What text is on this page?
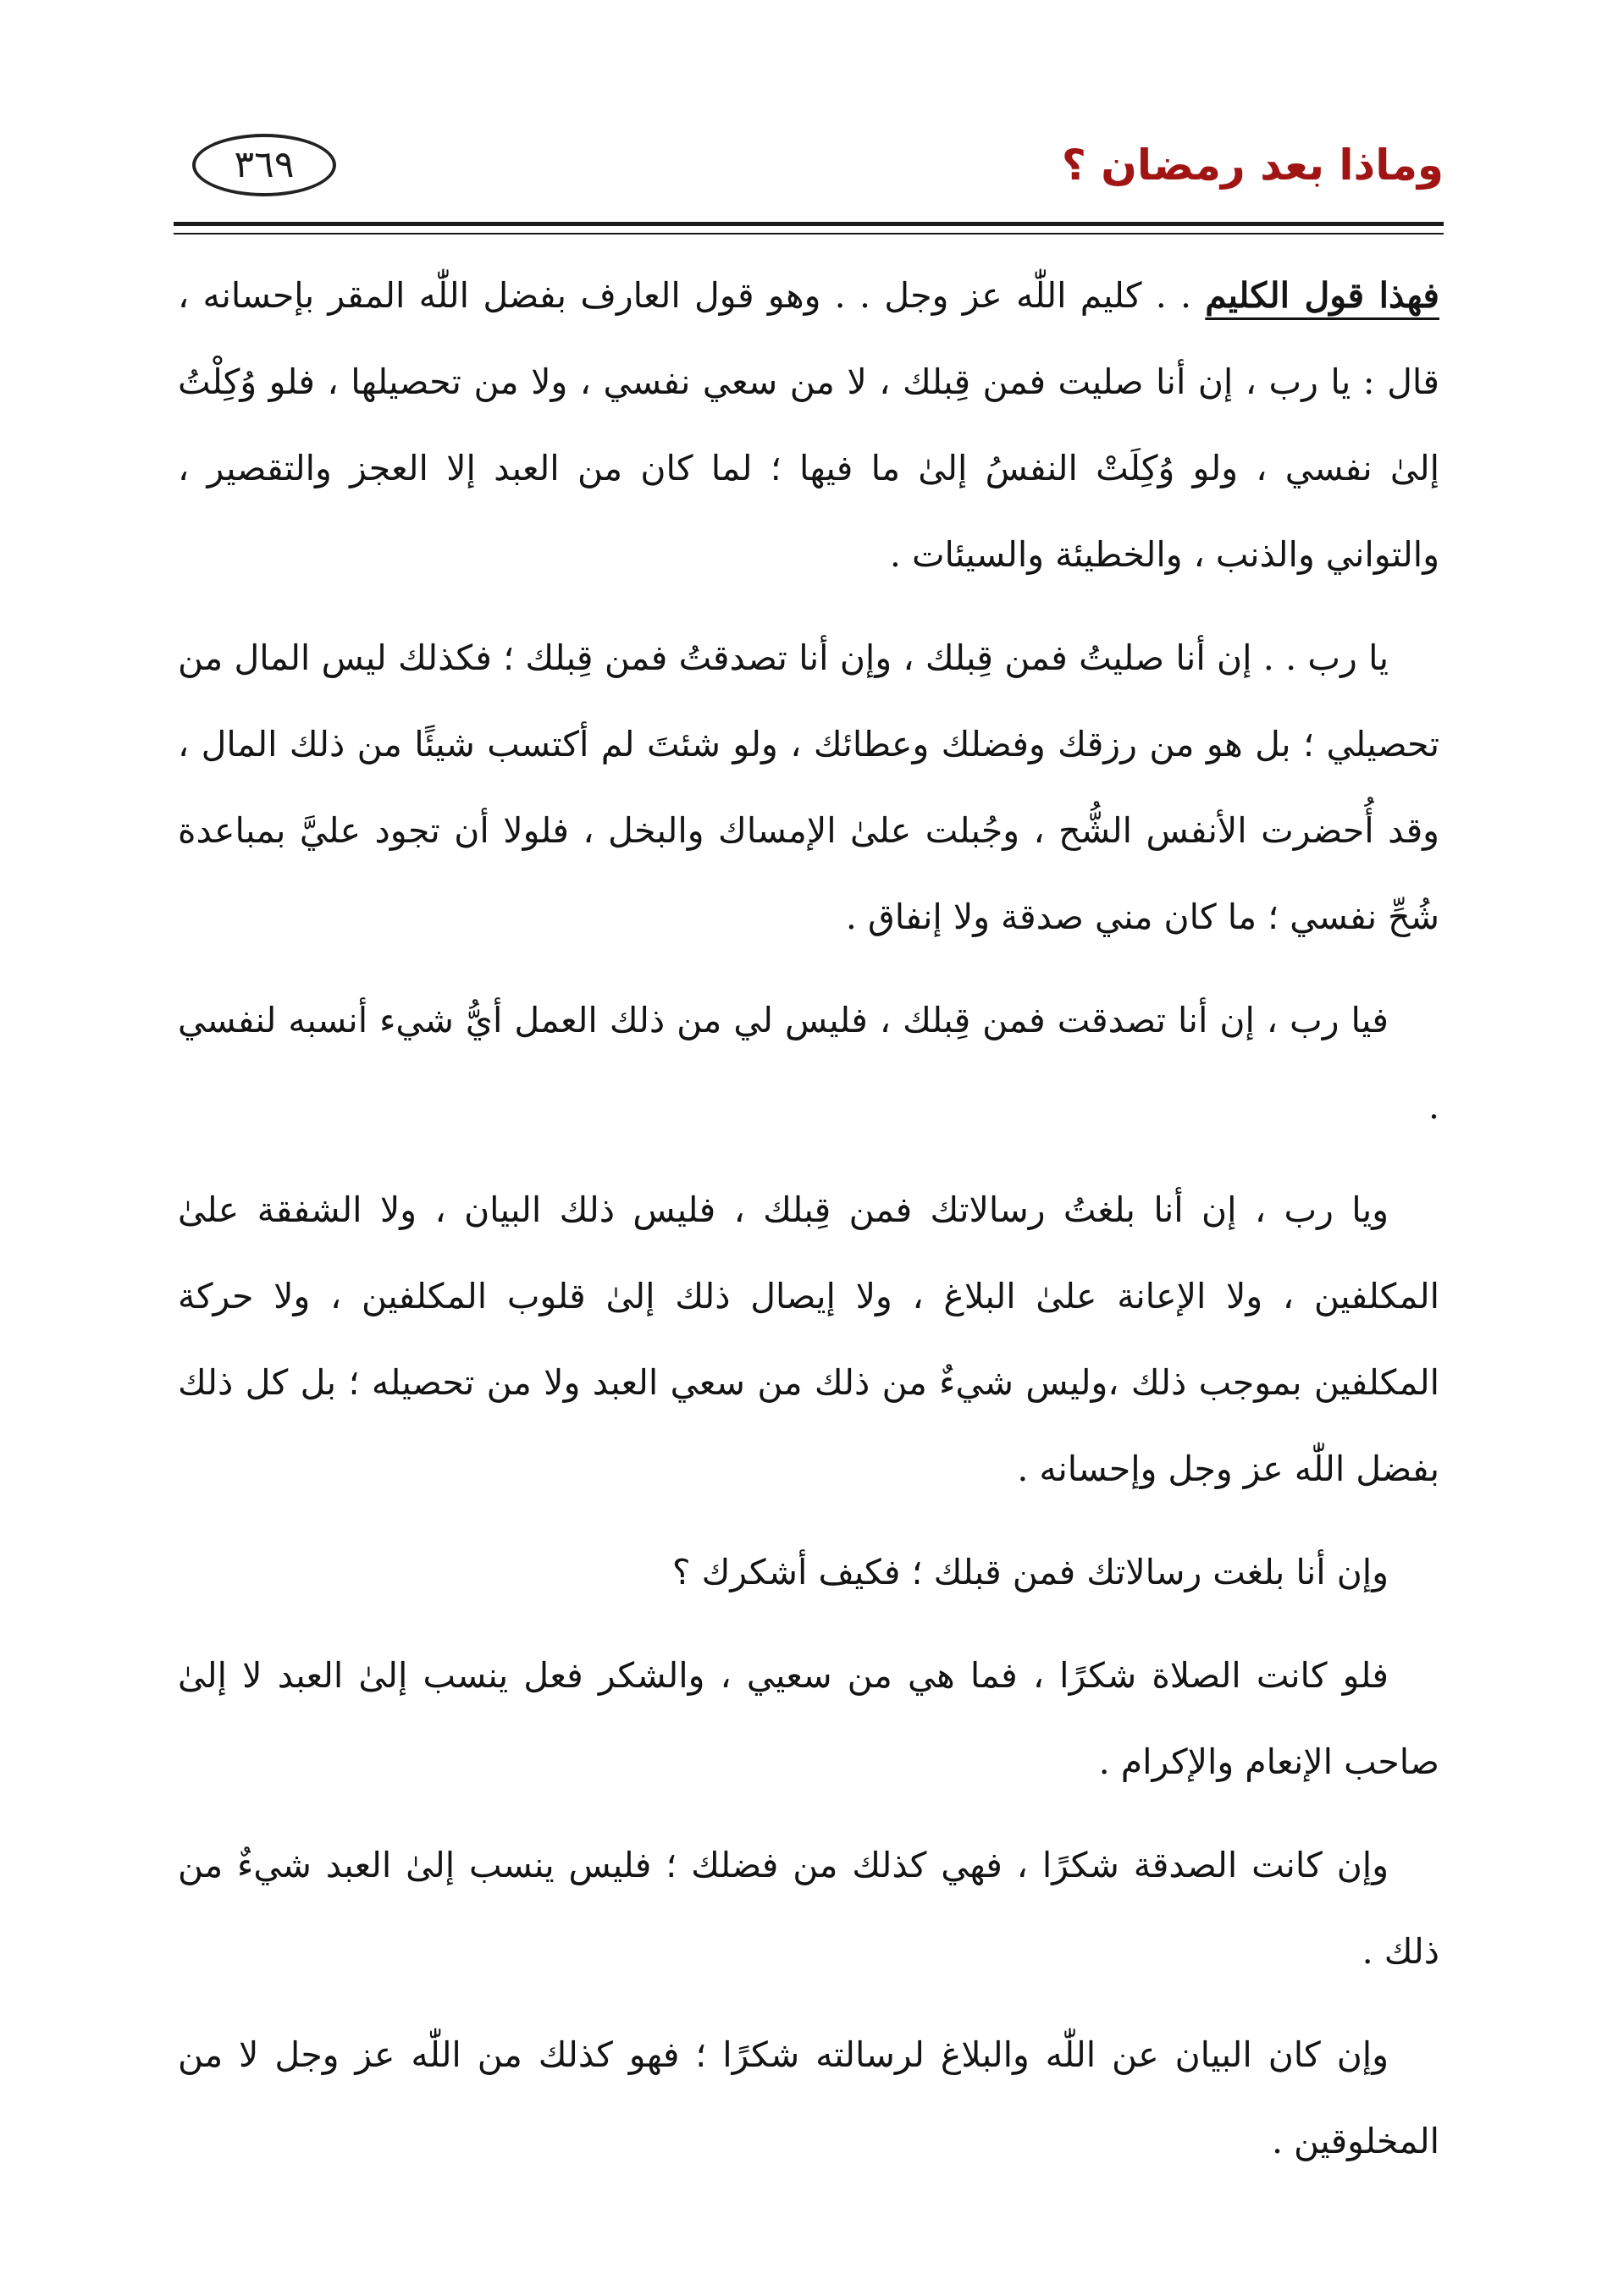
وماذا بعد رمضان ؟
٣٦٩

فهذا قول الكليم . . كليم اللّٰه عز وجل . . وهو قول العارف بفضل اللّٰه المقر بإحسانه ، قال : يا رب ، إن أنا صليت فمن قِبلك ، لا من سعي نفسي ، ولا من تحصيلها ، فلو وُكِلْتُ إلىٰ نفسي ، ولو وُكِلَتْ النفسُ إلىٰ ما فيها ؛ لما كان من العبد إلا العجز والتقصير ، والتواني والذنب ، والخطيئة والسيئات .

يا رب . . إن أنا صليتُ فمن قِبلك ، وإن أنا تصدقتُ فمن قِبلك ؛ فكذلك ليس المال من تحصيلي ؛ بل هو من رزقك وفضلك وعطائك ، ولو شئتَ لم أكتسب شيئًا من ذلك المال ، وقد أُحضرت الأنفس الشُّح ، وجُبلت علىٰ الإمساك والبخل ، فلولا أن تجود عليَّ بمباعدة شُحِّ نفسي ؛ ما كان مني صدقة ولا إنفاق .

فيا رب ، إن أنا تصدقت فمن قِبلك ، فليس لي من ذلك العمل أيُّ شيء أنسبه لنفسي .

ويا رب ، إن أنا بلغتُ رسالاتك فمن قِبلك ، فليس ذلك البيان ، ولا الشفقة علىٰ المكلفين ، ولا الإعانة علىٰ البلاغ ، ولا إيصال ذلك إلىٰ قلوب المكلفين ، ولا حركة المكلفين بموجب ذلك ،وليس شيءٌ من ذلك من سعي العبد ولا من تحصيله ؛ بل كل ذلك بفضل اللّٰه عز وجل وإحسانه .

وإن أنا بلغت رسالاتك فمن قبلك ؛ فكيف أشكرك ؟

فلو كانت الصلاة شكرًا ، فما هي من سعيي ، والشكر فعل ينسب إلىٰ العبد لا إلىٰ صاحب الإنعام والإكرام .

وإن كانت الصدقة شكرًا ، فهي كذلك من فضلك ؛ فليس ينسب إلىٰ العبد شيءٌ من ذلك .

وإن كان البيان عن اللّٰه والبلاغ لرسالته شكرًا ؛ فهو كذلك من اللّٰه عز وجل لا من المخلوقين .
